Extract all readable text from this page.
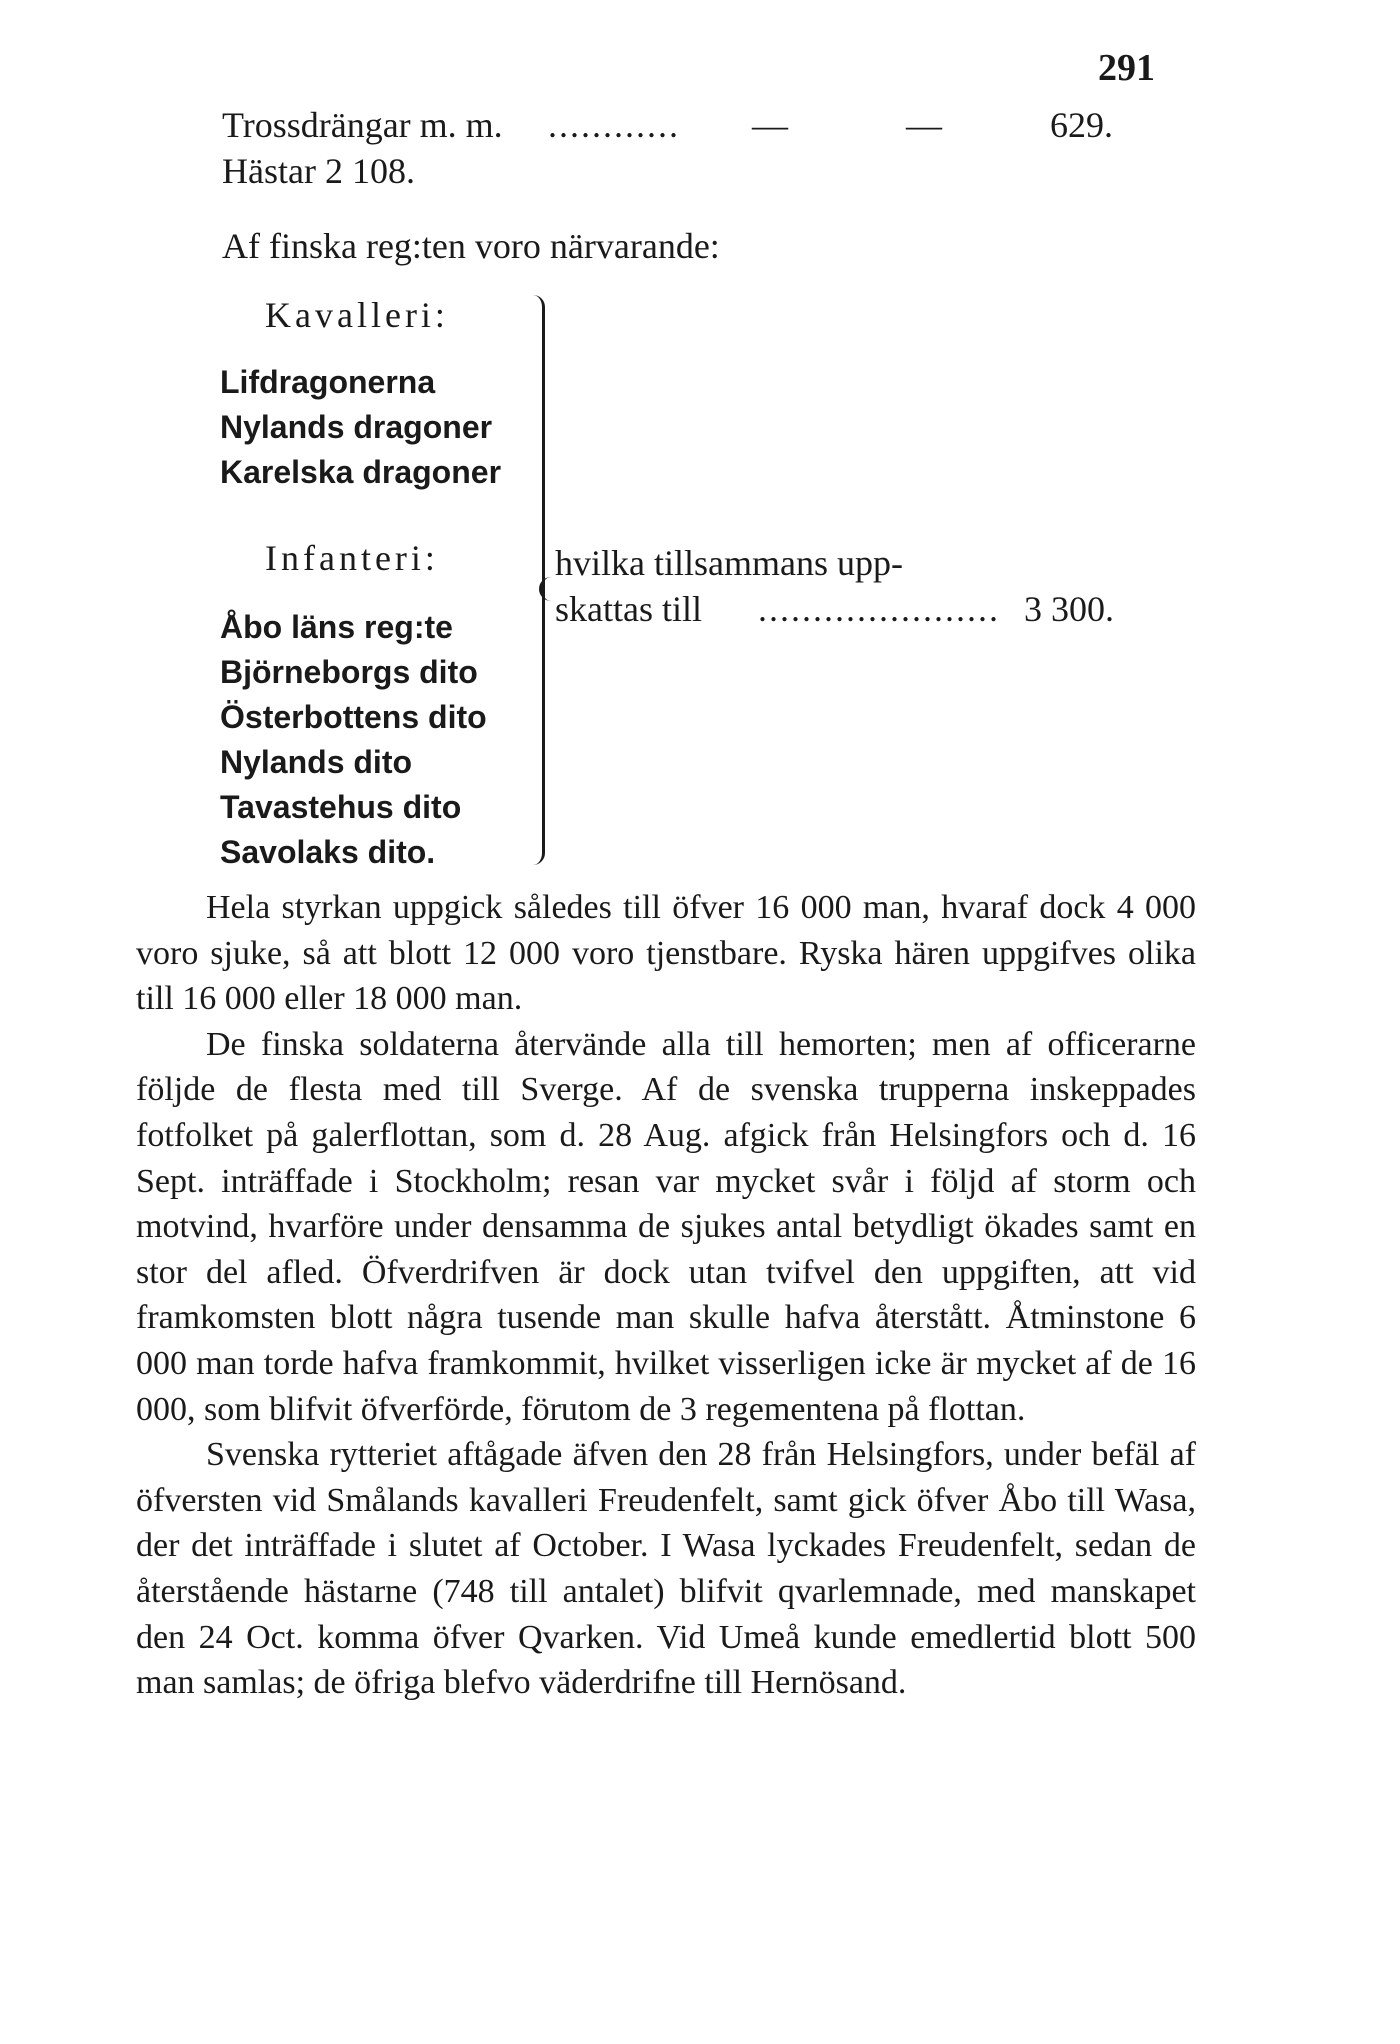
291
Trossdrängar m. m. ............ —	—	629.
Hästar 2 108.
Af finska reg:ten voro närvarande:
Kavalleri:
Lifdragonerna
Nylands dragoner
Karelska dragoner
Infanteri:
Åbo läns reg:te
Björneborgs dito
Österbottens dito
Nylands dito
Tavastehus dito
Savolaks dito.
hvilka tillsammans upp-
skattas till ...................... 3 300.

Hela styrkan uppgick således till öfver 16 000 man, hvaraf dock 4 000 voro sjuke, så att blott 12 000 voro tjenstbare. Ryska hären uppgifves olika till 16 000 eller 18 000 man.

De finska soldaterna återvände alla till hemorten; men af officerarne följde de flesta med till Sverge. Af de svenska trupperna inskeppades fotfolket på galerflottan, som d. 28 Aug. afgick från Helsingfors och d. 16 Sept. inträffade i Stockholm; resan var mycket svår i följd af storm och motvind, hvarföre under densamma de sjukes antal betydligt ökades samt en stor del afled. Öfverdrifven är dock utan tvifvel den uppgiften, att vid framkomsten blott några tusende man skulle hafva återstått. Åtminstone 6 000 man torde hafva framkommit, hvilket visserligen icke är mycket af de 16 000, som blifvit öfverförde, förutom de 3 regementena på flottan.

Svenska rytteriet aftågade äfven den 28 från Helsingfors, under befäl af öfversten vid Smålands kavalleri Freudenfelt, samt gick öfver Åbo till Wasa, der det inträffade i slutet af October. I Wasa lyckades Freudenfelt, sedan de återstående hästarne (748 till antalet) blifvit qvarlemnade, med manskapet den 24 Oct. komma öfver Qvarken. Vid Umeå kunde emedlertid blott 500 man samlas; de öfriga blefvo väderdrifne till Hernösand.
